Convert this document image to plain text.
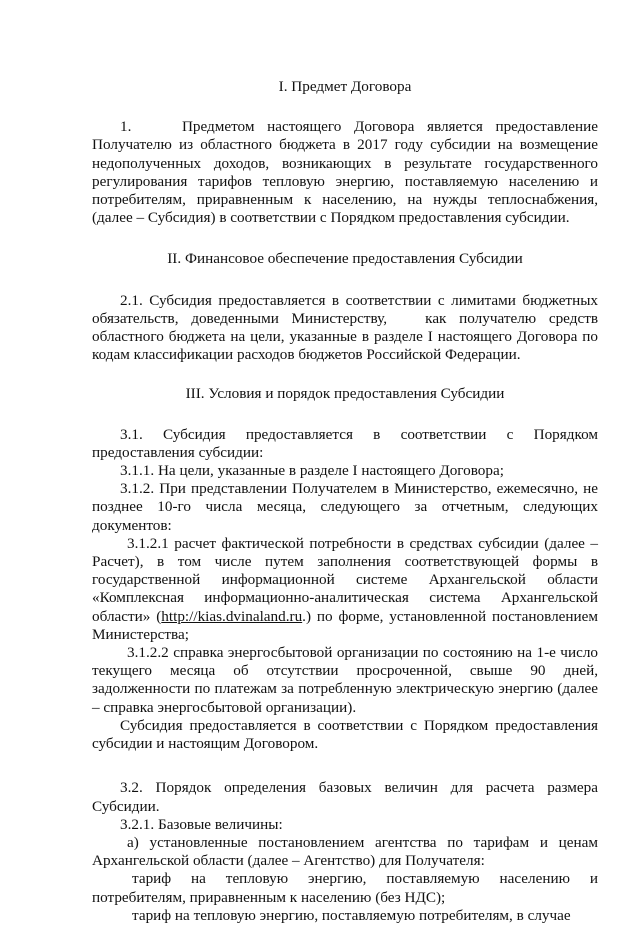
I. Предмет Договора

1.    Предметом настоящего Договора является предоставление Получателю из областного бюджета в 2017 году субсидии на возмещение недополученных доходов, возникающих в результате государственного регулирования тарифов тепловую энергию, поставляемую населению и потребителям, приравненным к населению, на нужды теплоснабжения, (далее – Субсидия) в соответствии с Порядком предоставления субсидии.

II. Финансовое обеспечение предоставления Субсидии

2.1. Субсидия предоставляется в соответствии с лимитами бюджетных обязательств, доведенными Министерству,   как получателю средств областного бюджета на цели, указанные в разделе I настоящего Договора по кодам классификации расходов бюджетов Российской Федерации.

III. Условия и порядок предоставления Субсидии

3.1. Субсидия предоставляется в соответствии с Порядком предоставления субсидии:

3.1.1. На цели, указанные в разделе I настоящего Договора;

3.1.2. При представлении Получателем в Министерство, ежемесячно, не позднее 10-го числа месяца, следующего за отчетным, следующих документов:

3.1.2.1 расчет фактической потребности в средствах субсидии (далее – Расчет), в том числе путем заполнения соответствующей формы в государственной информационной системе Архангельской области «Комплексная информационно-аналитическая система Архангельской области» (http://kias.dvinaland.ru.) по форме, установленной постановлением Министерства;

3.1.2.2 справка энергосбытовой организации по состоянию на 1-е число текущего месяца об отсутствии просроченной, свыше 90 дней, задолженности по платежам за потребленную электрическую энергию (далее – справка энергосбытовой организации).

Субсидия предоставляется в соответствии с Порядком предоставления субсидии и настоящим Договором.

3.2. Порядок определения базовых величин для расчета размера Субсидии.

3.2.1. Базовые величины:

а) установленные постановлением агентства по тарифам и ценам Архангельской области (далее – Агентство) для Получателя:

тариф на тепловую энергию, поставляемую населению и потребителям, приравненным к населению (без НДС);

тариф на тепловую энергию, поставляемую потребителям, в случае
